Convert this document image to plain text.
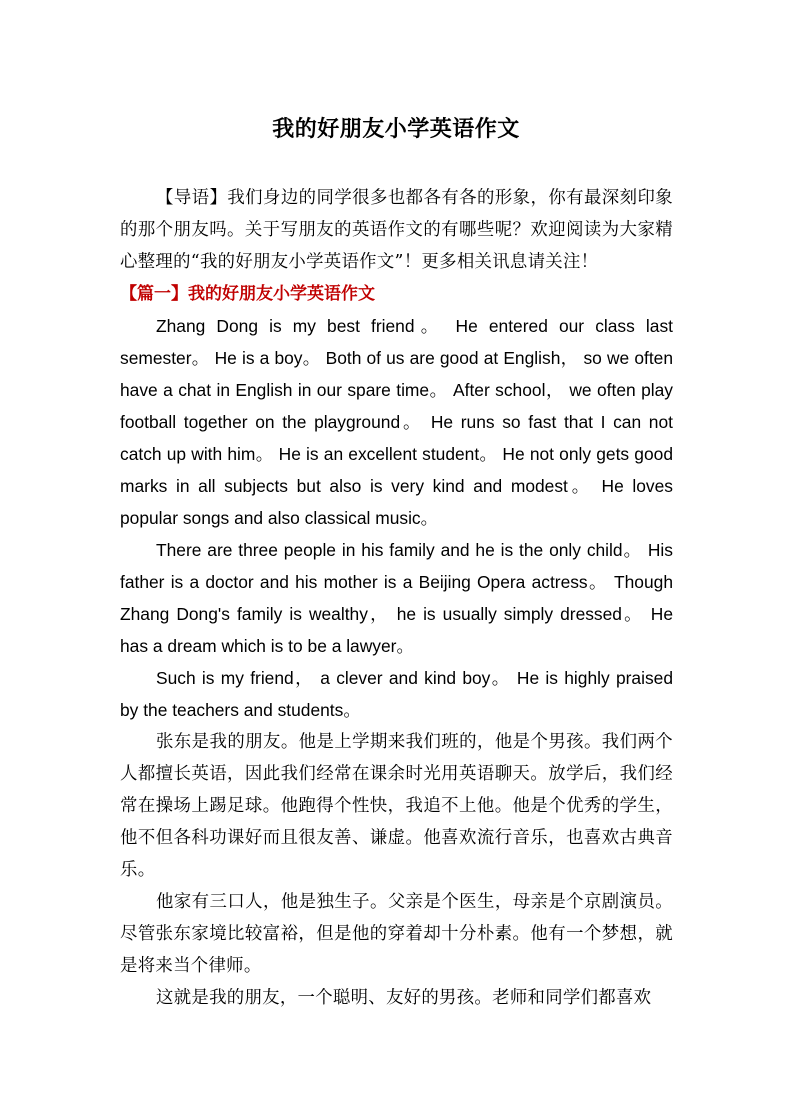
我的好朋友小学英语作文

【导语】我们身边的同学很多也都各有各的形象，你有最深刻印象的那个朋友吗。关于写朋友的英语作文的有哪些呢？欢迎阅读为大家精心整理的“我的好朋友小学英语作文”！更多相关讯息请关注！

【篇一】我的好朋友小学英语作文

Zhang Dong is my best friend。 He entered our class last semester。 He is a boy。 Both of us are good at English， so we often have a chat in English in our spare time。 After school， we often play football together on the playground。 He runs so fast that I can not catch up with him。 He is an excellent student。 He not only gets good marks in all subjects but also is very kind and modest。 He loves popular songs and also classical music。

There are three people in his family and he is the only child。 His father is a doctor and his mother is a Beijing Opera actress。 Though Zhang Dong's family is wealthy， he is usually simply dressed。 He has a dream which is to be a lawyer。

Such is my friend， a clever and kind boy。 He is highly praised by the teachers and students。

张东是我的朋友。他是上学期来我们班的，他是个男孩。我们两个人都擅长英语，因此我们经常在课余时光用英语聊天。放学后，我们经常在操场上踢足球。他跑得个性快，我追不上他。他是个优秀的学生，他不但各科功课好而且很友善、谦虚。他喜欢流行音乐，也喜欢古典音乐。

他家有三口人，他是独生子。父亲是个医生，母亲是个京剧演员。尽管张东家境比较富裕，但是他的穿着却十分朴素。他有一个梦想，就是将来当个律师。

这就是我的朋友，一个聪明、友好的男孩。老师和同学们都喜欢
